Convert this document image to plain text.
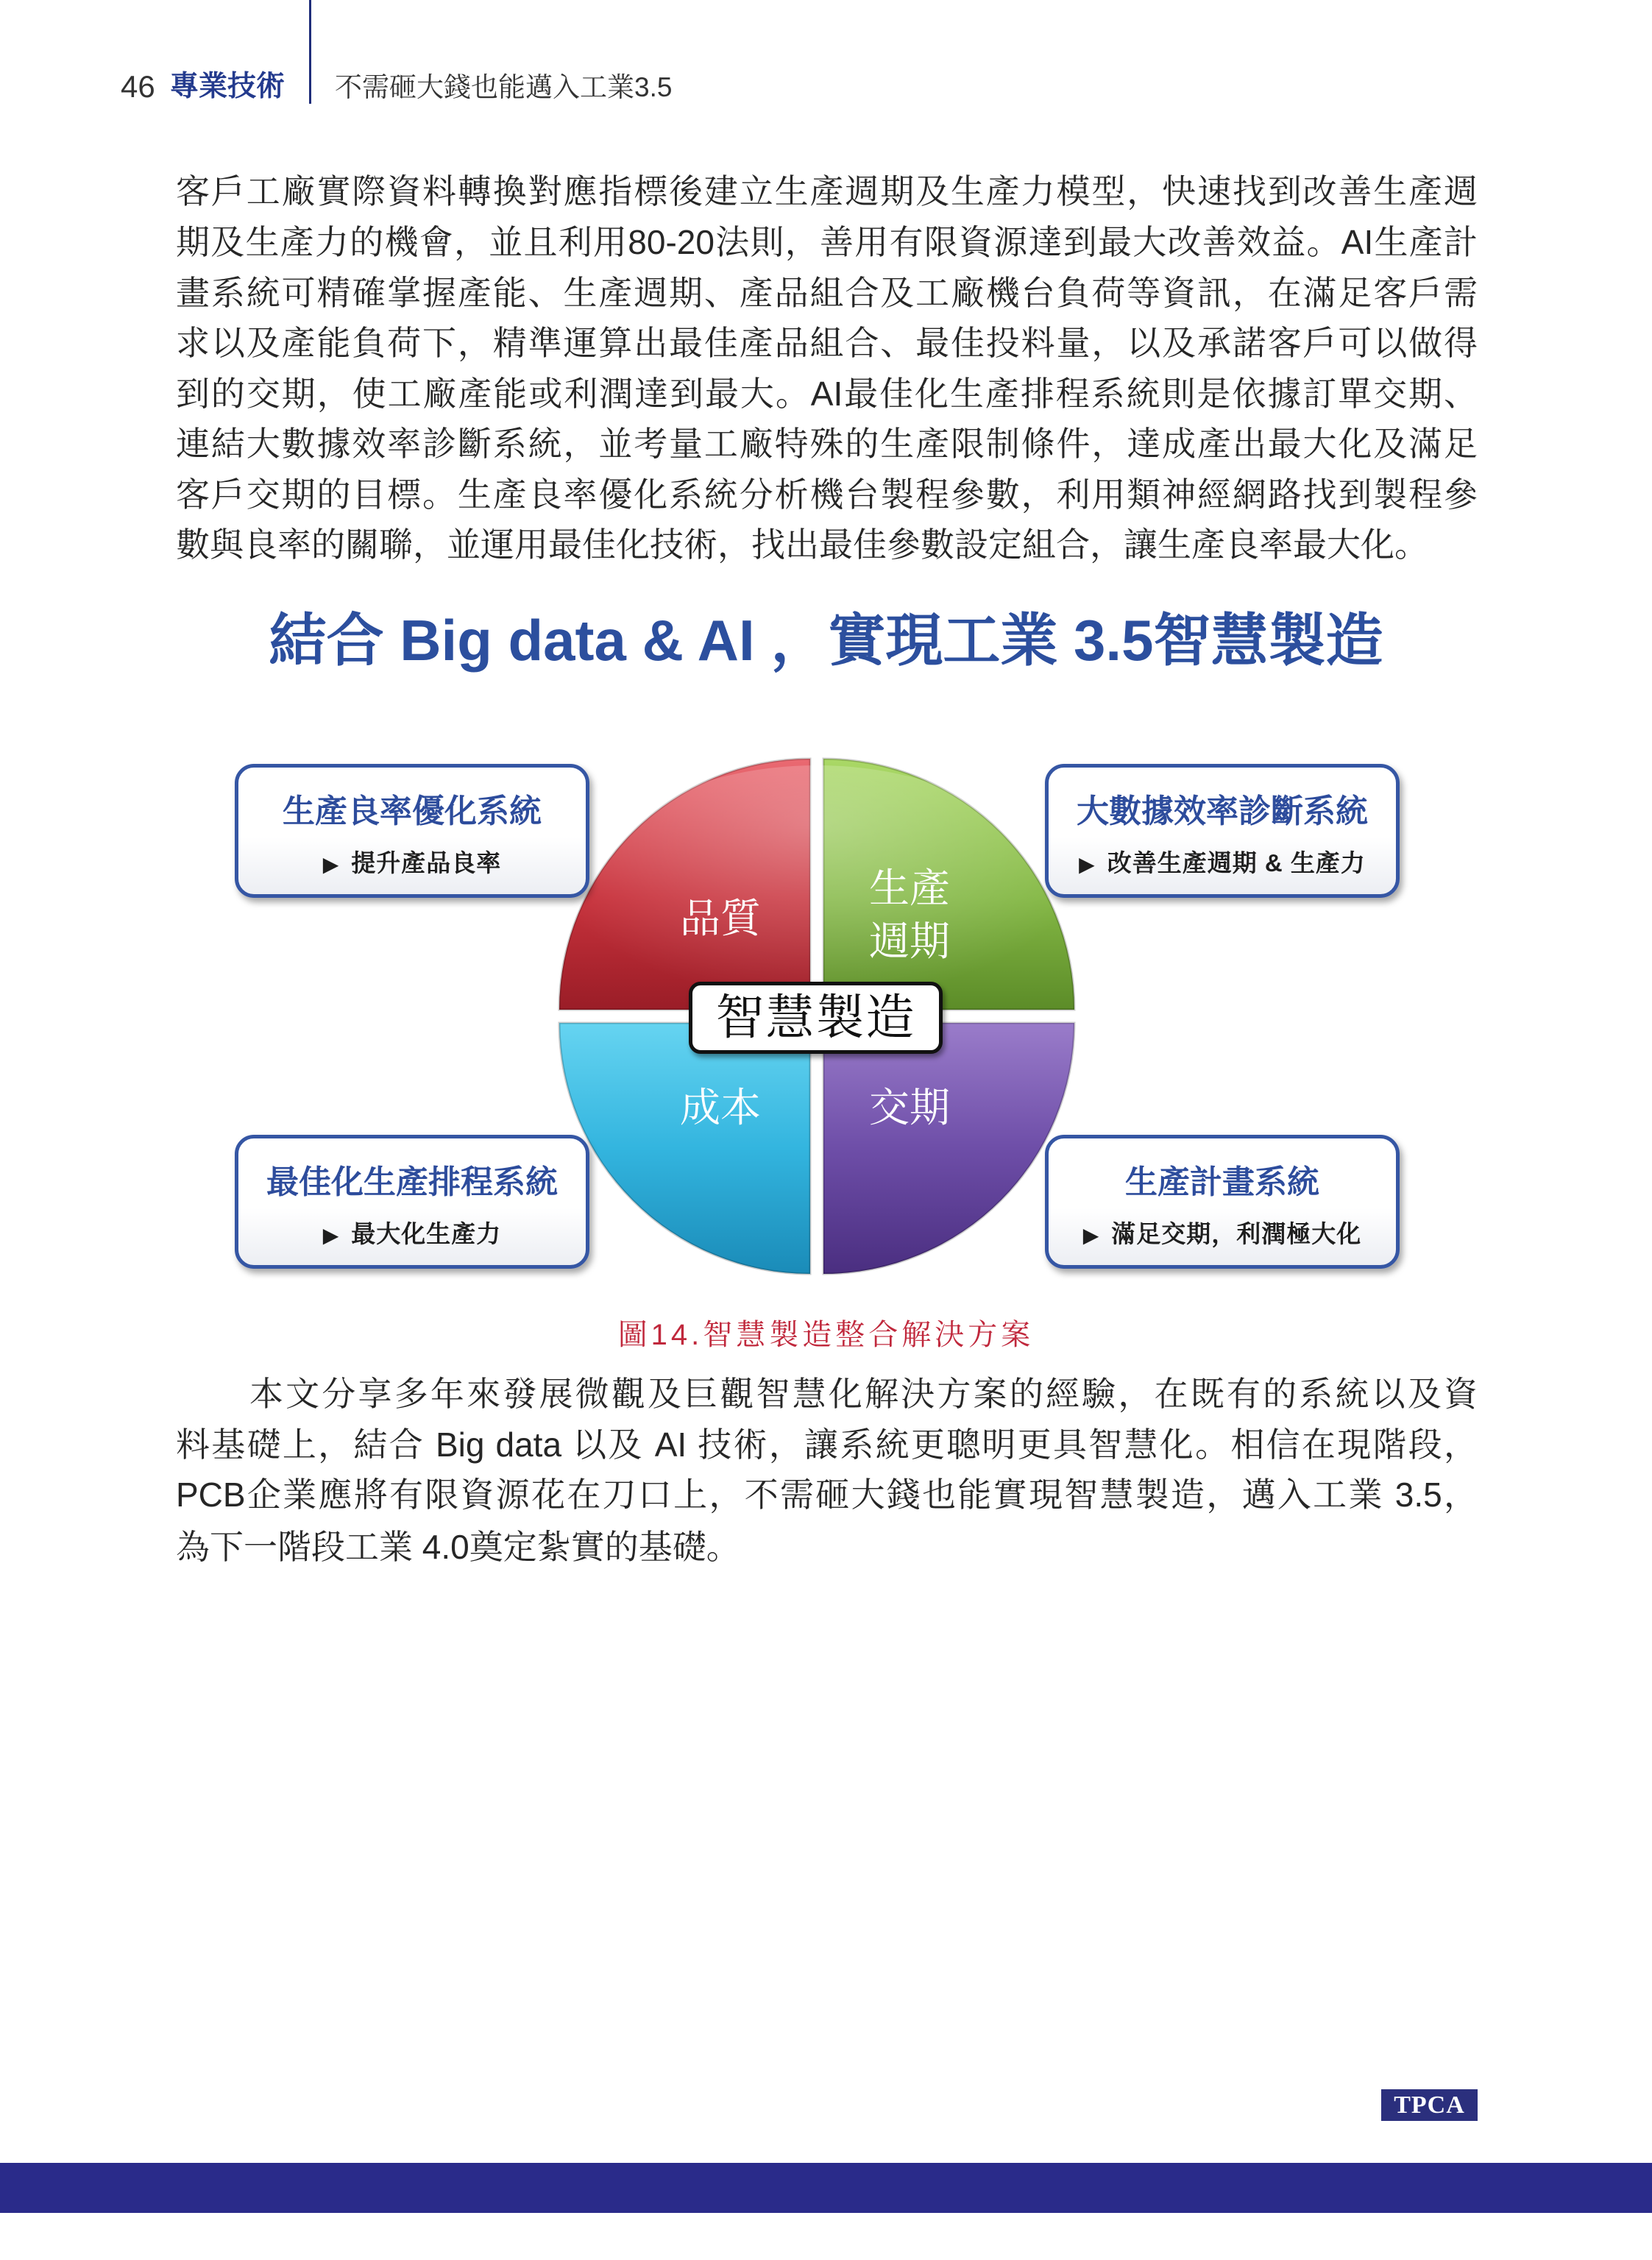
46 專業技術 不需砸大錢也能邁入工業3.5
客戶工廠實際資料轉換對應指標後建立生產週期及生產力模型，快速找到改善生產週
期及生產力的機會，並且利用80-20法則，善用有限資源達到最大改善效益。AI生產計
畫系統可精確掌握產能、生產週期、產品組合及工廠機台負荷等資訊，在滿足客戶需
求以及產能負荷下，精準運算出最佳產品組合、最佳投料量，以及承諾客戶可以做得
到的交期，使工廠產能或利潤達到最大。AI最佳化生產排程系統則是依據訂單交期、
連結大數據效率診斷系統，並考量工廠特殊的生產限制條件，達成產出最大化及滿足
客戶交期的目標。生產良率優化系統分析機台製程參數，利用類神經網路找到製程參
數與良率的關聯，並運用最佳化技術，找出最佳參數設定組合，讓生產良率最大化。
結合 Big data & AI ，實現工業 3.5智慧製造
品質
生產
週期
成本	交期
智慧製造
生產良率優化系統
▶ 提升產品良率
大數據效率診斷系統
▶ 改善生產週期 & 生產力
最佳化生產排程系統
▶ 最大化生產力
生產計畫系統
▶ 滿足交期，利潤極大化
圖14.智慧製造整合解決方案
本文分享多年來發展微觀及巨觀智慧化解決方案的經驗，在既有的系統以及資
料基礎上，結合 Big data 以及 AI 技術，讓系統更聰明更具智慧化。相信在現階段，
PCB企業應將有限資源花在刀口上，不需砸大錢也能實現智慧製造，邁入工業 3.5，
為下一階段工業 4.0奠定紮實的基礎。
TPCA
